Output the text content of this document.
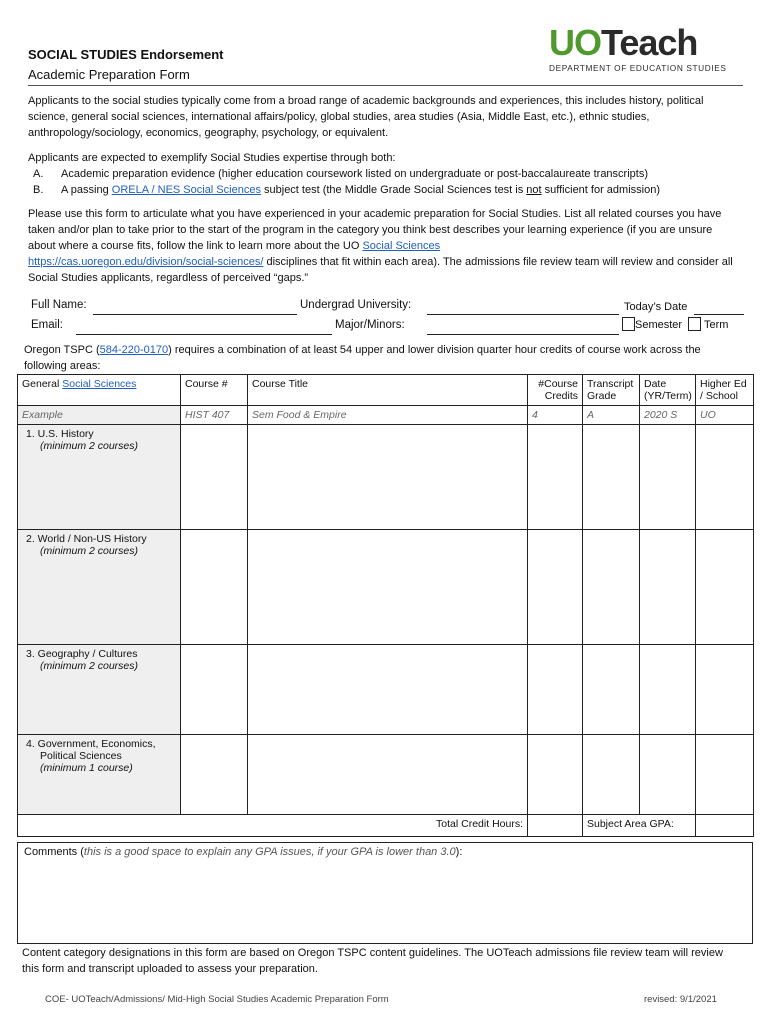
SOCIAL STUDIES Endorsement
Academic Preparation Form
UOTeach
DEPARTMENT OF EDUCATION STUDIES
Applicants to the social studies typically come from a broad range of academic backgrounds and experiences, this includes history, political science, general social sciences, international affairs/policy, global studies, area studies (Asia, Middle East, etc.), ethnic studies, anthropology/sociology, economics, geography, psychology, or equivalent.
Applicants are expected to exemplify Social Studies expertise through both:
A.	Academic preparation evidence (higher education coursework listed on undergraduate or post-baccalaureate transcripts)
B.	A passing ORELA / NES Social Sciences subject test (the Middle Grade Social Sciences test is not sufficient for admission)
Please use this form to articulate what you have experienced in your academic preparation for Social Studies. List all related courses you have taken and/or plan to take prior to the start of the program in the category you think best describes your learning experience (if you are unsure about where a course fits, follow the link to learn more about the UO Social Sciences
https://cas.uoregon.edu/division/social-sciences/ disciplines that fit within each area). The admissions file review team will review and consider all Social Studies applicants, regardless of perceived “gaps.”
Full Name:	Undergrad University:	Today’s Date
Email:	Major/Minors:	Semester Term
Oregon TSPC (584-220-0170) requires a combination of at least 54 upper and lower division quarter hour credits of course work across the following areas:
General Social Sciences	Course #	Course Title	#Course Credits	Transcript Grade	Date (YR/Term)	Higher Ed / School
Example	HIST 407	Sem Food & Empire	4	A	2020 S	UO

1. U.S. History
(minimum 2 courses)						

2. World / Non-US History
(minimum 2 courses)						

3. Geography / Cultures
(minimum 2 courses)						

4. Government, Economics, Political Sciences
(minimum 1 course)						

Total Credit Hours:				Subject Area GPA:		
Comments (this is a good space to explain any GPA issues, if your GPA is lower than 3.0):
Content category designations in this form are based on Oregon TSPC content guidelines. The UOTeach admissions file review team will review this form and transcript uploaded to assess your preparation.
COE- UOTeach/Admissions/ Mid-High Social Studies Academic Preparation Form	revised: 9/1/2021
